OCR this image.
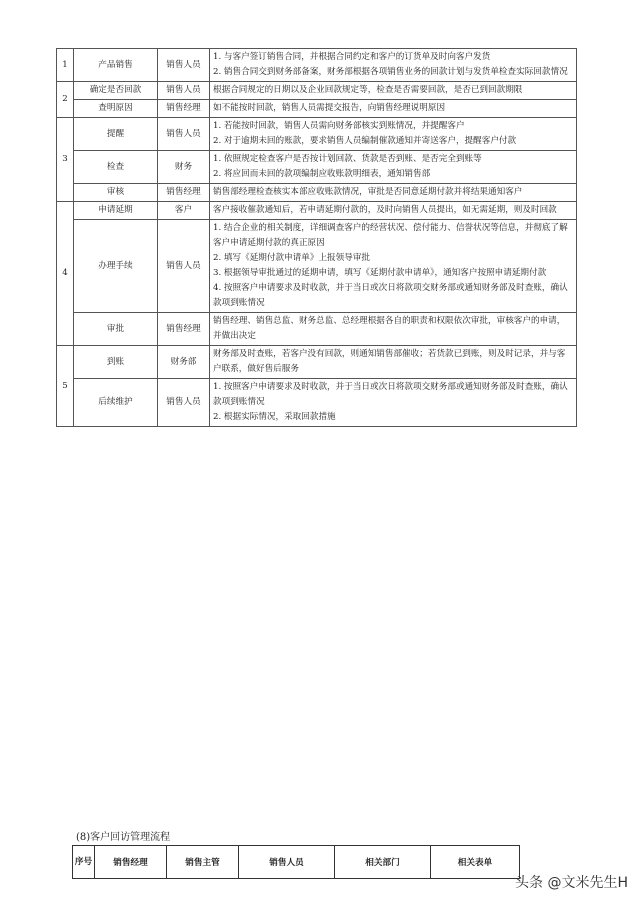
1	产品销售	销售人员	1. 与客户签订销售合同，并根据合同约定和客户的订货单及时向客户发货
2. 销售合同交到财务部备案，财务部根据各项销售业务的回款计划与发货单检查实际回款情况

2	确定是否回款	销售人员	根据合同规定的日期以及企业回款规定等，检查是否需要回款，是否已到回款期限

	查明原因	销售经理	如不能按时回款，销售人员需提交报告，向销售经理说明原因

3	提醒	销售人员	1. 若能按时回款，销售人员需向财务部核实到账情况，并提醒客户
2. 对于逾期未回的账款，要求销售人员编制催款通知并寄送客户，提醒客户付款

	检查	财务	1. 依照规定检查客户是否按计划回款、货款是否到账、是否完全到账等
2. 将应回而未回的款项编制应收账款明细表，通知销售部

	审核	销售经理	销售部经理检查核实本部应收账款情况，审批是否同意延期付款并将结果通知客户

4	申请延期	客户	客户接收催款通知后，若申请延期付款的，及时向销售人员提出，如无需延期，则及时回款

	办理手续	销售人员	1. 结合企业的相关制度，详细调查客户的经营状况、偿付能力、信誉状况等信息，并彻底了解客户申请延期付款的真正原因
2. 填写《延期付款申请单》上报领导审批
3. 根据领导审批通过的延期申请，填写《延期付款申请单》，通知客户按照申请延期付款
4. 按照客户申请要求及时收款，并于当日或次日将款项交财务部或通知财务部及时查账，确认款项到账情况

	审批	销售经理	销售经理、销售总监、财务总监、总经理根据各自的职责和权限依次审批，审核客户的申请，并做出决定

5	到账	财务部	财务部及时查账，若客户没有回款，则通知销售部催收；若货款已到账，则及时记录，并与客户联系，做好售后服务

	后续维护	销售人员	1. 按照客户申请要求及时收款，并于当日或次日将款项交财务部或通知财务部及时查账，确认款项到账情况
2. 根据实际情况，采取回款措施
(8)客户回访管理流程
序号	销售经理	销售主管	销售人员	相关部门	相关表单
头条 @文米先生H
